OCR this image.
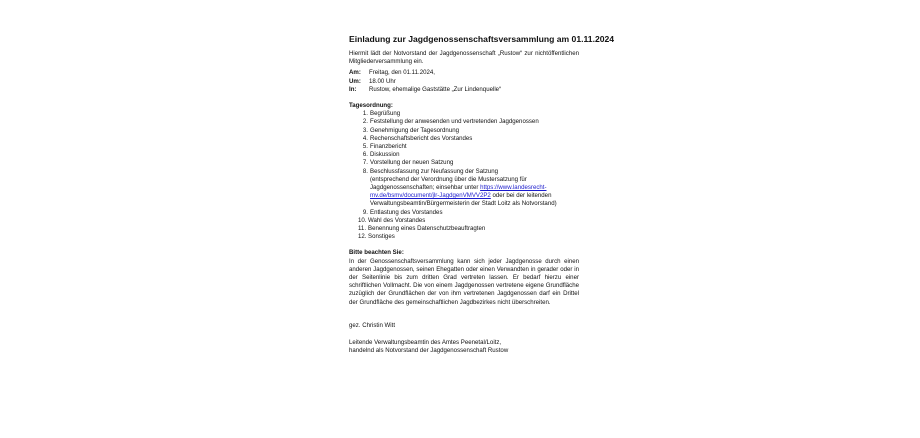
Einladung zur Jagdgenossenschaftsversammlung am 01.11.2024
Hiermit lädt der Notvorstand der Jagdgenossenschaft „Rustow“ zur nichtöffentlichen Mitgliederversammlung ein.
Am:	Freitag, den 01.11.2024,
Um:	18.00 Uhr
In:	Rustow, ehemalige Gaststätte „Zur Lindenquelle“
Tagesordnung:
1. Begrüßung
2. Feststellung der anwesenden und vertretenden Jagdgenossen
3. Genehmigung der Tagesordnung
4. Rechenschaftsbericht des Vorstandes
5. Finanzbericht
6. Diskussion
7. Vorstellung der neuen Satzung
8. Beschlussfassung zur Neufassung der Satzung
(entsprechend der Verordnung über die Mustersatzung für Jagdgenossenschaften; einsehbar unter https://www.landesrecht-mv.de/bsmv/document/jlr-JagdgenVMVV2P2 oder bei der leitenden Verwaltungsbeamtin/Bürgermeisterin der Stadt Loitz als Notvorstand)
9. Entlastung des Vorstandes
10. Wahl des Vorstandes
11. Benennung eines Datenschutzbeauftragten
12. Sonstiges
Bitte beachten Sie:
In der Genossenschaftsversammlung kann sich jeder Jagdgenosse durch einen anderen Jagdgenossen, seinen Ehegatten oder einen Verwandten in gerader oder in der Seitenlinie bis zum dritten Grad vertreten lassen. Er bedarf hierzu einer schriftlichen Vollmacht. Die von einem Jagdgenossen vertretene eigene Grundfläche zuzüglich der Grundflächen der von ihm vertretenen Jagdgenossen darf ein Drittel der Grundfläche des gemeinschaftlichen Jagdbezirkes nicht überschreiten.
gez. Christin Witt
Leitende Verwaltungsbeamtin des Amtes Peenetal/Loitz,
handelnd als Notvorstand der Jagdgenossenschaft Rustow
